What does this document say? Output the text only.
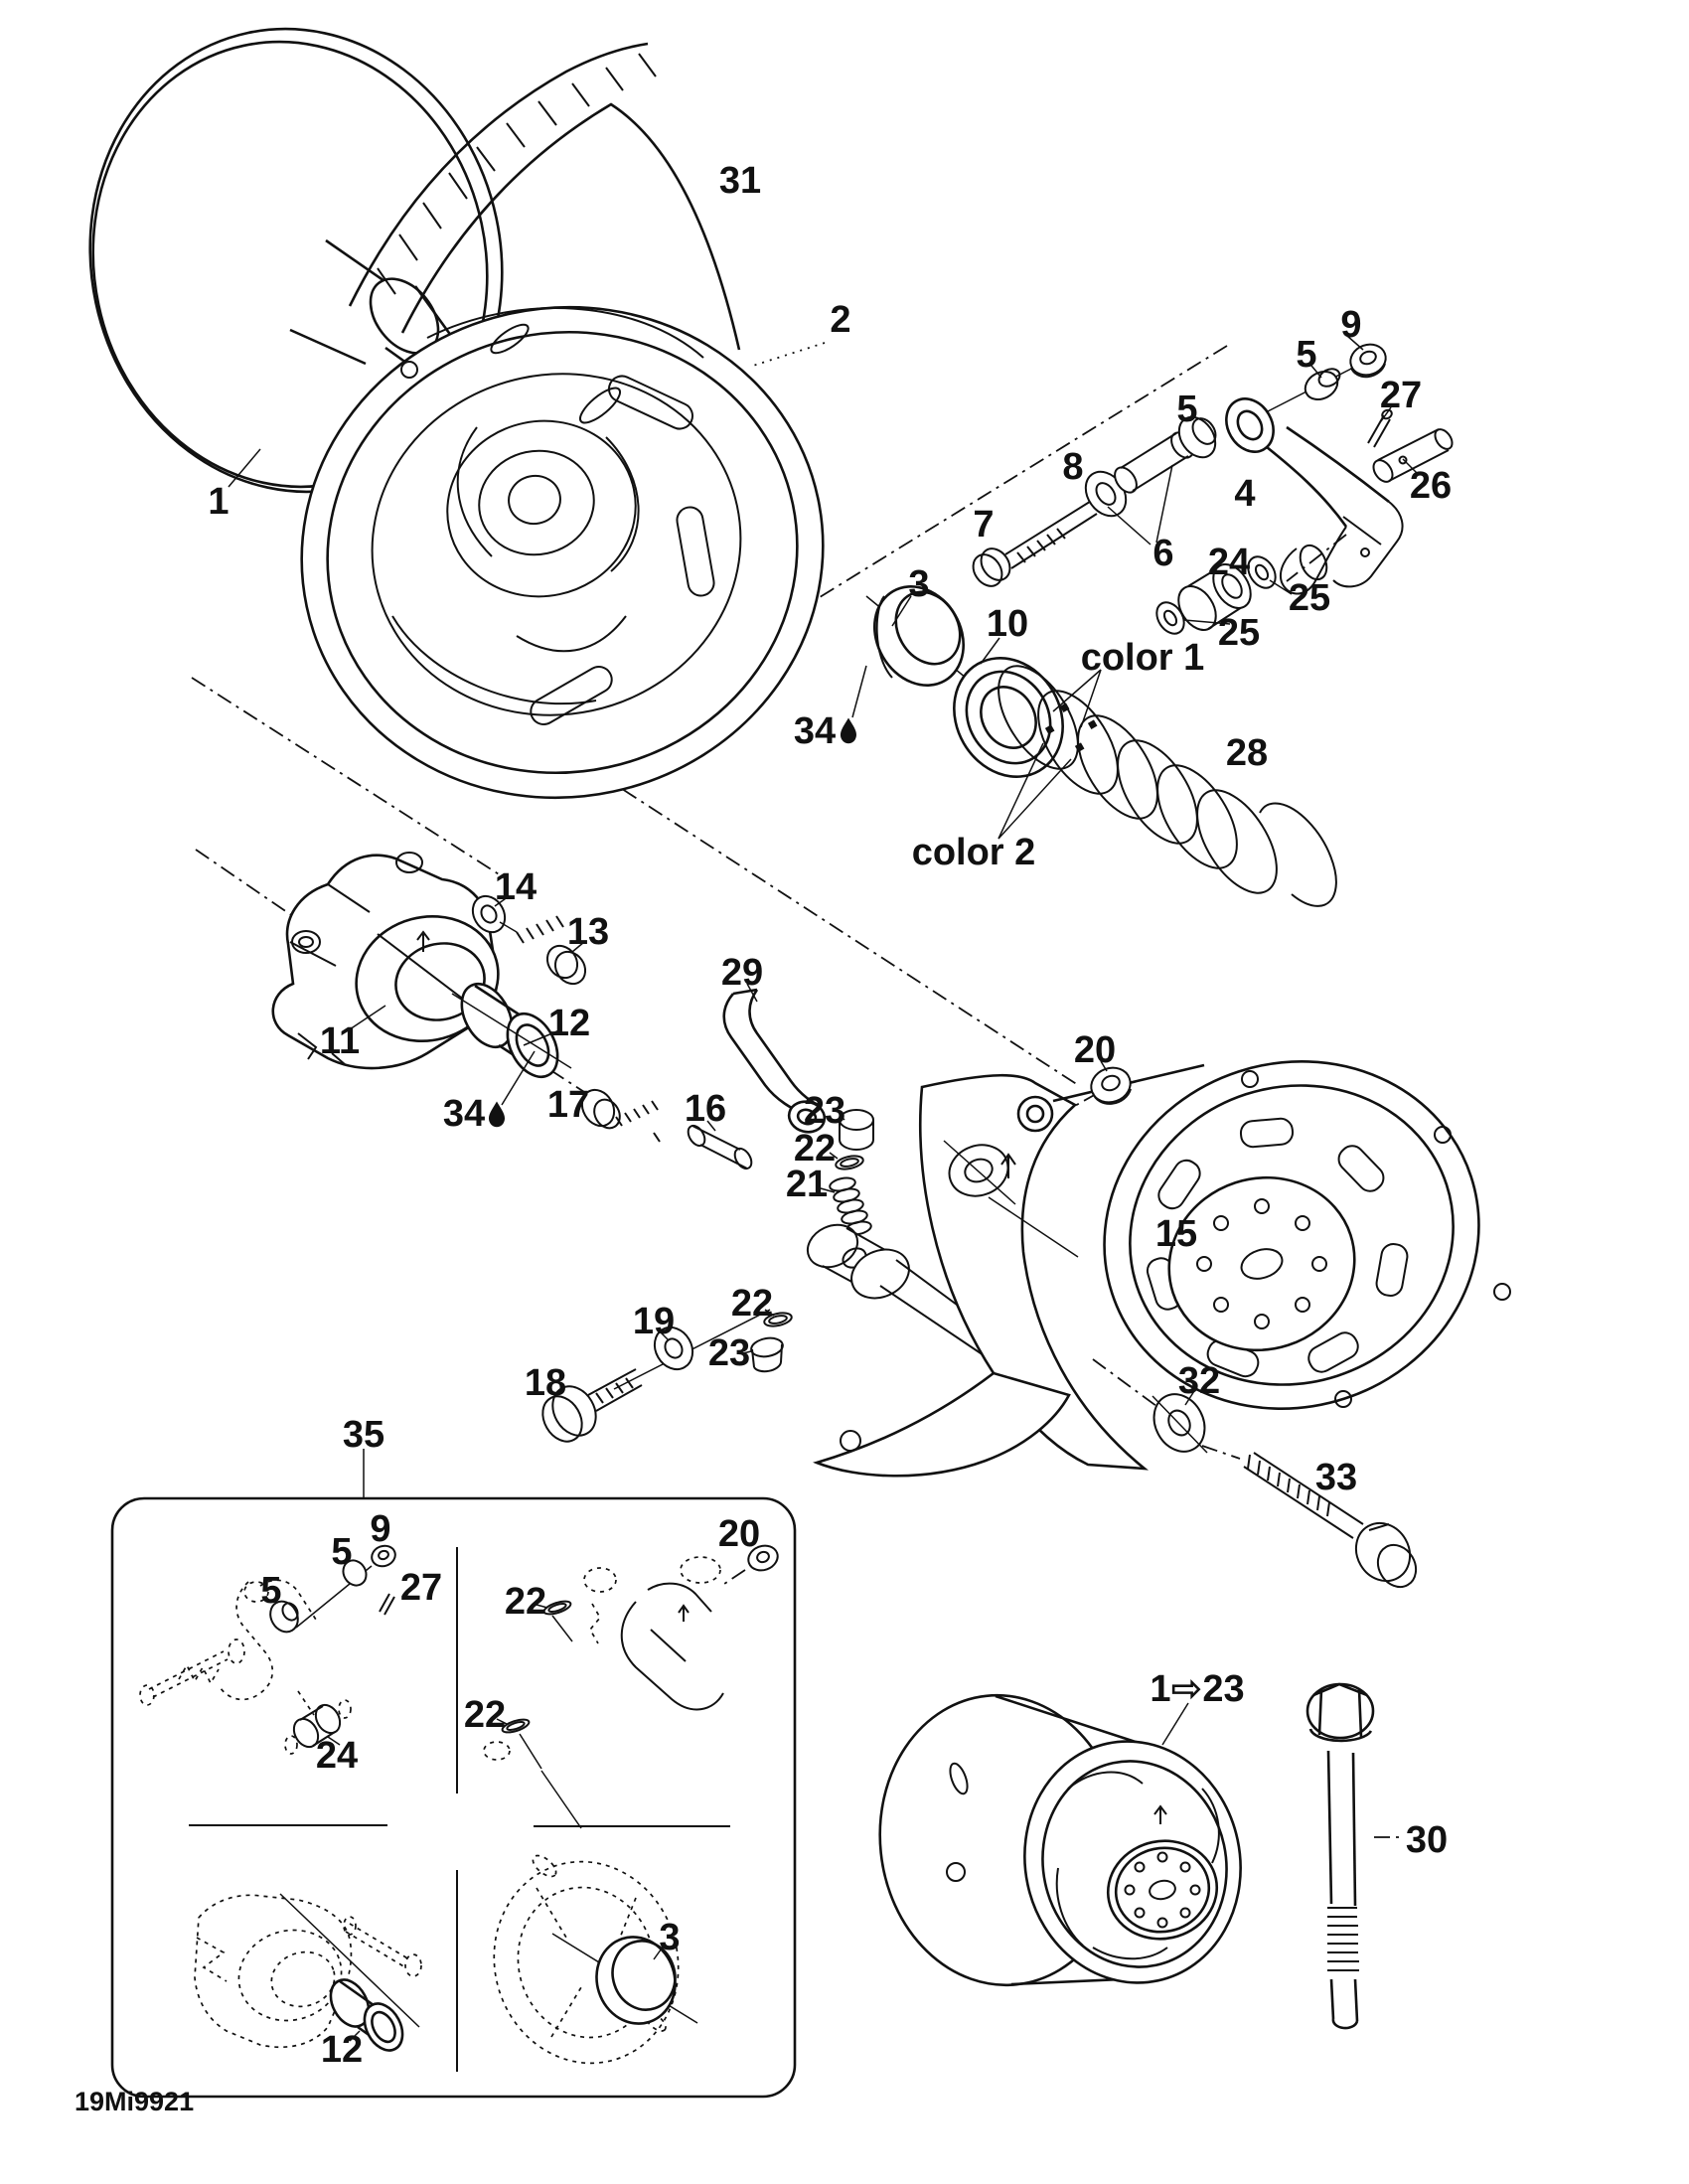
1
31
2	9
5
27
26
4
5
8
7
6 24
25
25
3
10
34
color 1
color 2
28
14
13
11	12
34 17	16
29
23
22
21
20
15
22
19
23
18	32
33
35
9
5
5	27
24
22
22
20
12
3
1⇨23
30
19Mi9921
